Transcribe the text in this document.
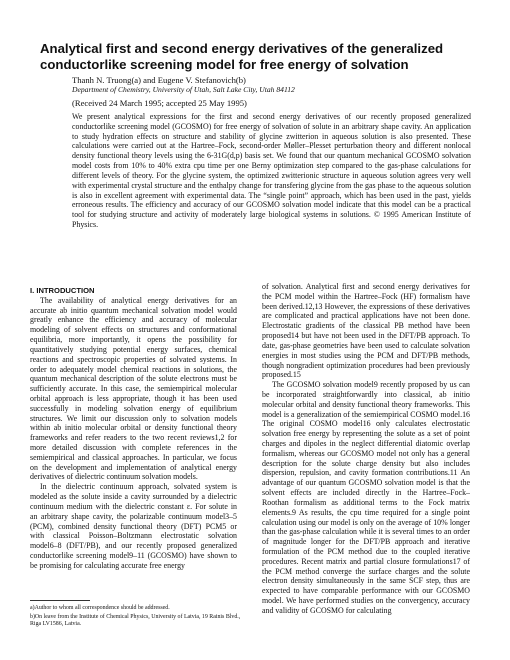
Analytical first and second energy derivatives of the generalized conductorlike screening model for free energy of solvation
Thanh N. Truong(a) and Eugene V. Stefanovich(b)
Department of Chemistry, University of Utah, Salt Lake City, Utah 84112
(Received 24 March 1995; accepted 25 May 1995)

We present analytical expressions for the first and second energy derivatives of our recently proposed generalized conductorlike screening model (GCOSMO) for free energy of solvation of solute in an arbitrary shape cavity. An application to study hydration effects on structure and stability of glycine zwitterion in aqueous solution is also presented. These calculations were carried out at the Hartree–Fock, second-order Møller–Plesset perturbation theory and different nonlocal density functional theory levels using the 6-31G(d,p) basis set. We found that our quantum mechanical GCOSMO solvation model costs from 10% to 40% extra cpu time per one Berny optimization step compared to the gas-phase calculations for different levels of theory. For the glycine system, the optimized zwitterionic structure in aqueous solution agrees very well with experimental crystal structure and the enthalpy change for transfering glycine from the gas phase to the aqueous solution is also in excellent agreement with experimental data. The “single point” approach, which has been used in the past, yields erroneous results. The efficiency and accuracy of our GCOSMO solvation model indicate that this model can be a practical tool for studying structure and activity of moderately large biological systems in solutions. © 1995 American Institute of Physics.

I. INTRODUCTION

The availability of analytical energy derivatives for an accurate ab initio quantum mechanical solvation model would greatly enhance the efficiency and accuracy of molecular modeling of solvent effects on structures and conformational equilibria, more importantly, it opens the possibility for quantitatively studying potential energy surfaces, chemical reactions and spectroscopic properties of solvated systems. In order to adequately model chemical reactions in solutions, the quantum mechanical description of the solute electrons must be sufficiently accurate. In this case, the semiempirical molecular orbital approach is less appropriate, though it has been used successfully in modeling solvation energy of equilibrium structures. We limit our discussion only to solvation models within ab initio molecular orbital or density functional theory frameworks and refer readers to the two recent reviews1,2 for more detailed discussion with complete references in the semiempirical and classical approaches. In particular, we focus on the development and implementation of analytical energy derivatives of dielectric continuum solvation models.

In the dielectric continuum approach, solvated system is modeled as the solute inside a cavity surrounded by a dielectric continuum medium with the dielectric constant ε. For solute in an arbitrary shape cavity, the polarizable continuum model3–5 (PCM), combined density functional theory (DFT) PCM5 or with classical Poisson–Boltzmann electrostatic solvation model6–8 (DFT/PB), and our recently proposed generalized conductorlike screening model9–11 (GCOSMO) have shown to be promising for calculating accurate free energy

of solvation. Analytical first and second energy derivatives for the PCM model within the Hartree–Fock (HF) formalism have been derived.12,13 However, the expressions of these derivatives are complicated and practical applications have not been done. Electrostatic gradients of the classical PB method have been proposed14 but have not been used in the DFT/PB approach. To date, gas-phase geometries have been used to calculate solvation energies in most studies using the PCM and DFT/PB methods, though nongradient optimization procedures had been previously proposed.15

The GCOSMO solvation model9 recently proposed by us can be incorporated straightforwardly into classical, ab initio molecular orbital and density functional theory frameworks. This model is a generalization of the semiempirical COSMO model.16 The original COSMO model16 only calculates electrostatic solvation free energy by representing the solute as a set of point charges and dipoles in the neglect differential diatomic overlap formalism, whereas our GCOSMO model not only has a general description for the solute charge density but also includes dispersion, repulsion, and cavity formation contributions.11 An advantage of our quantum GCOSMO solvation model is that the solvent effects are included directly in the Hartree–Fock–Roothan formalism as additional terms to the Fock matrix elements.9 As results, the cpu time required for a single point calculation using our model is only on the average of 10% longer than the gas-phase calculation while it is several times to an order of magnitude longer for the DFT/PB approach and iterative formulation of the PCM method due to the coupled iterative procedures. Recent matrix and partial closure formulations17 of the PCM method converge the surface charges and the solute electron density simultaneously in the same SCF step, thus are expected to have comparable performance with our GCOSMO model. We have performed studies on the convergency, accuracy and validity of GCOSMO for calculating

a)Author to whom all correspondence should be addressed.
b)On leave from the Institute of Chemical Physics, University of Latvia, 19 Rainis Blvd., Riga LV1586, Latvia.
